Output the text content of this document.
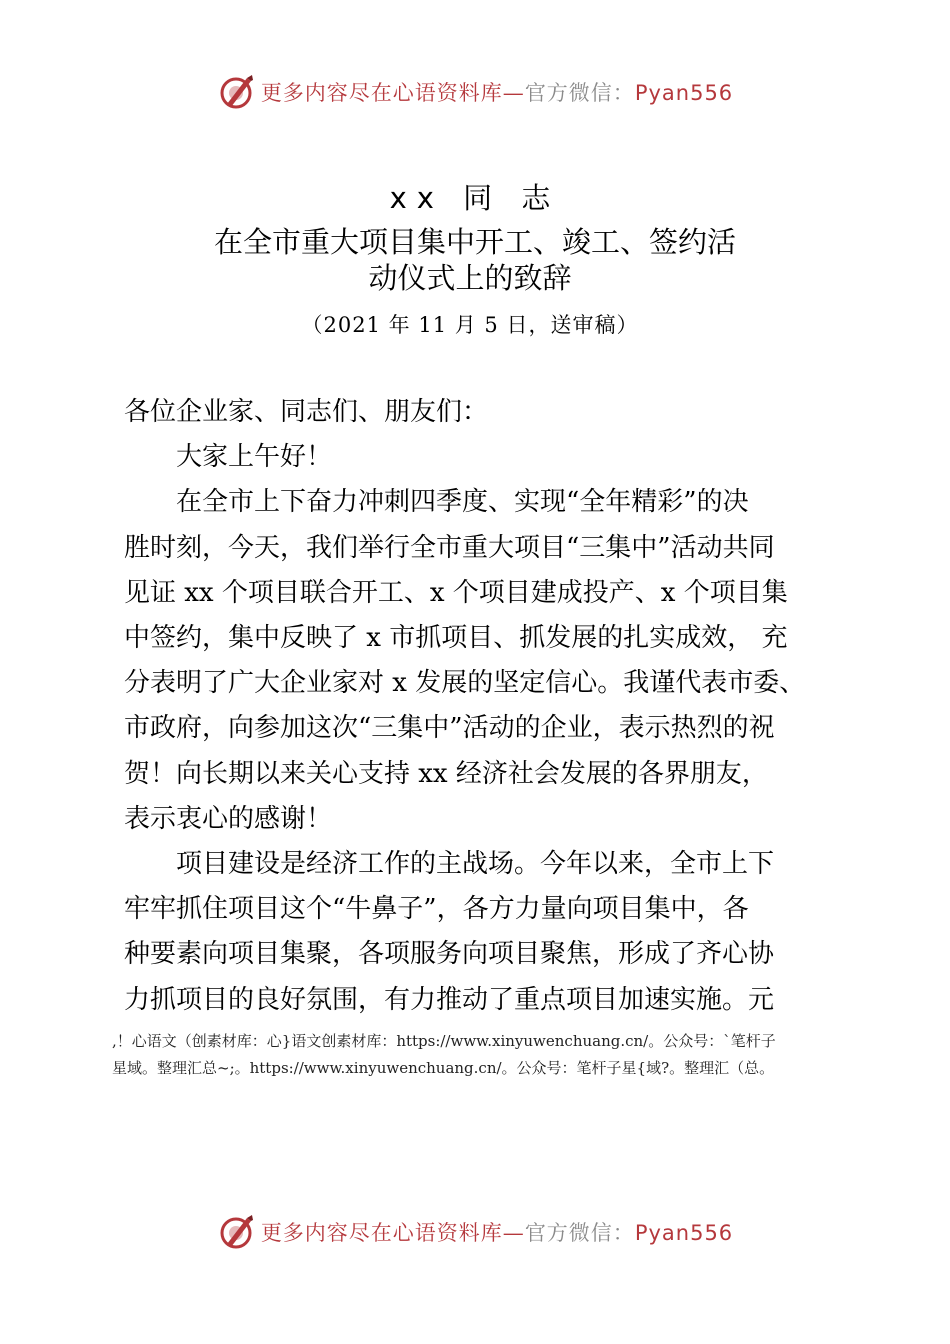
更多内容尽在心语资料库—官方微信：Pyan556
xx 同 志
在全市重大项目集中开工、竣工、签约活
动仪式上的致辞
（2021 年 11 月 5 日，送审稿）

各位企业家、同志们、朋友们：

　　大家上午好！

　　在全市上下奋力冲刺四季度、实现“全年精彩”的决

胜时刻，今天，我们举行全市重大项目“三集中”活动共同

见证 xx 个项目联合开工、x 个项目建成投产、x 个项目集

中签约，集中反映了 x 市抓项目、抓发展的扎实成效， 充

分表明了广大企业家对 x 发展的坚定信心。我谨代表市委、

市政府，向参加这次“三集中”活动的企业，表示热烈的祝

贺！向长期以来关心支持 xx 经济社会发展的各界朋友，

表示衷心的感谢！

　　项目建设是经济工作的主战场。今年以来，全市上下

牢牢抓住项目这个“牛鼻子”，各方力量向项目集中，各

种要素向项目集聚，各项服务向项目聚焦，形成了齐心协

力抓项目的良好氛围，有力推动了重点项目加速实施。元

,！心语文（创素材库：心}语文创素材库：https://www.xinyuwenchuang.cn/。公众号：`笔杆子
星域。整理汇总~;。https://www.xinyuwenchuang.cn/。公众号：笔杆子星{域?。整理汇（总。
更多内容尽在心语资料库—官方微信：Pyan556
